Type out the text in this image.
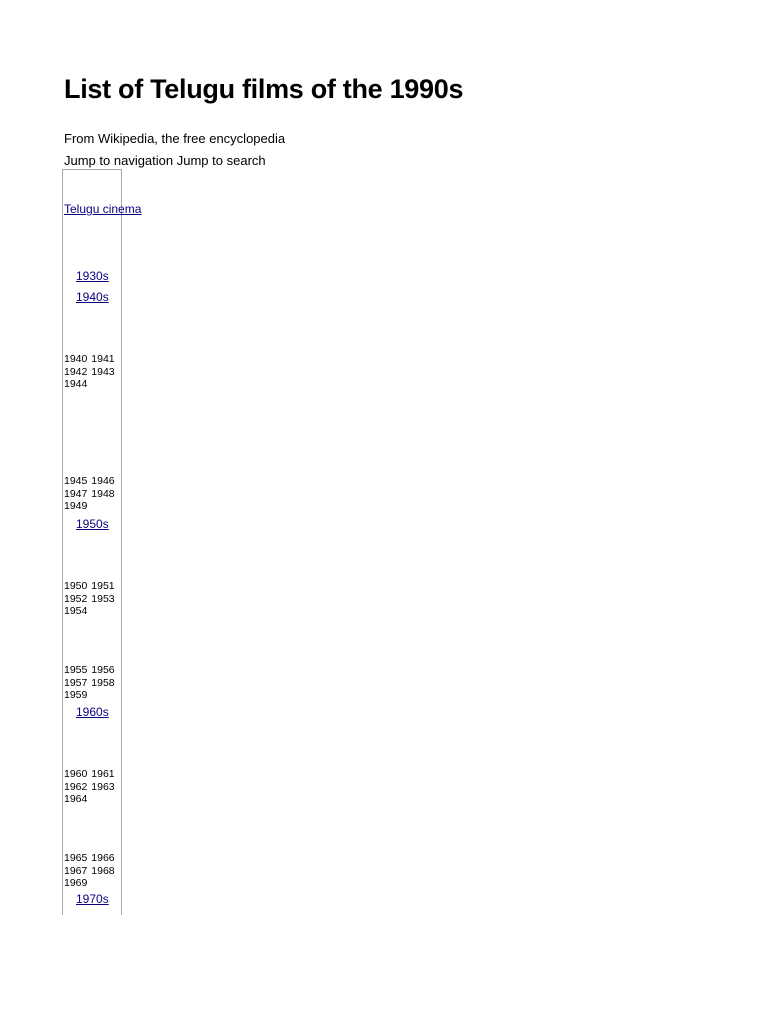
List of Telugu films of the 1990s
From Wikipedia, the free encyclopedia
Jump to navigation Jump to search
Telugu cinema
1930s
1940s
1940 1941 1942 1943 1944
1945 1946 1947 1948 1949
1950s
1950 1951 1952 1953 1954
1955 1956 1957 1958 1959
1960s
1960 1961 1962 1963 1964
1965 1966 1967 1968 1969
1970s
